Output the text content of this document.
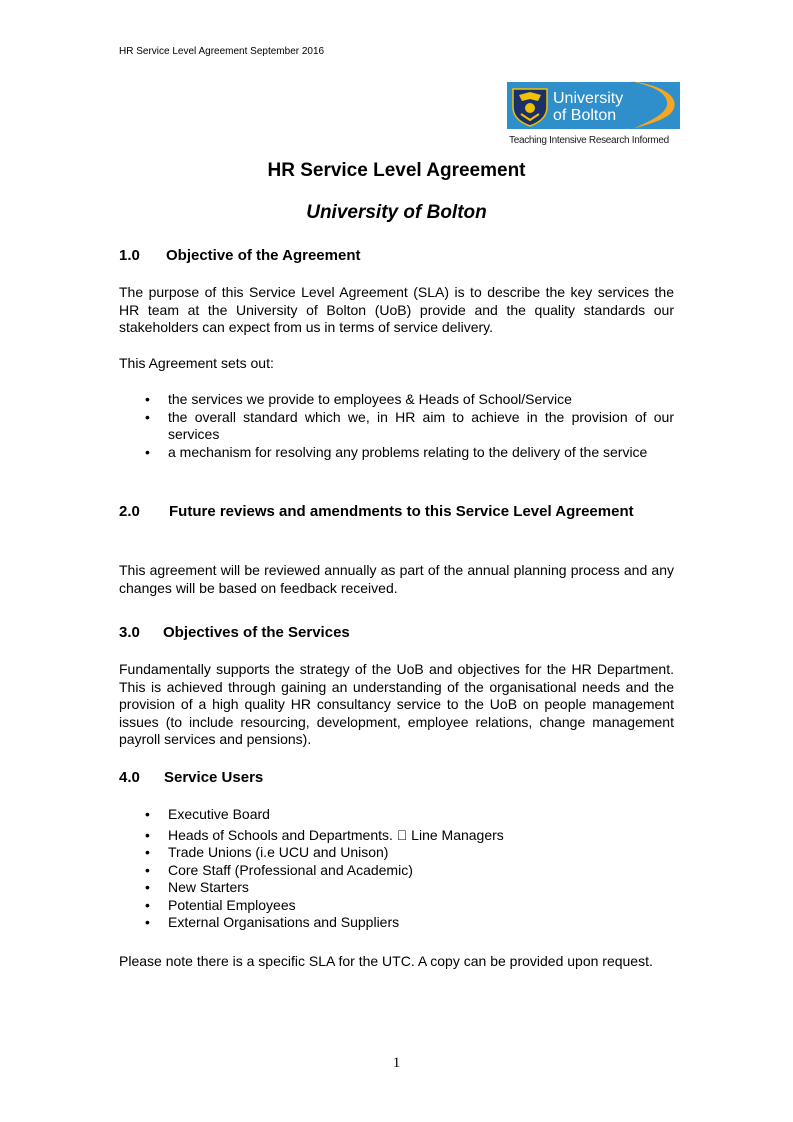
HR Service Level Agreement September 2016
University
of Bolton
Teaching Intensive Research Informed
HR Service Level Agreement
University of Bolton
1.0 Objective of the Agreement
The purpose of this Service Level Agreement (SLA) is to describe the key services the HR team at the University of Bolton (UoB) provide and the quality standards our stakeholders can expect from us in terms of service delivery.
This Agreement sets out:
• the services we provide to employees & Heads of School/Service
• the overall standard which we, in HR aim to achieve in the provision of our services
• a mechanism for resolving any problems relating to the delivery of the service
2.0 Future reviews and amendments to this Service Level Agreement
This agreement will be reviewed annually as part of the annual planning process and any changes will be based on feedback received.
3.0 Objectives of the Services
Fundamentally supports the strategy of the UoB and objectives for the HR Department. This is achieved through gaining an understanding of the organisational needs and the provision of a high quality HR consultancy service to the UoB on people management issues (to include resourcing, development, employee relations, change management payroll services and pensions).
4.0 Service Users
• Executive Board
• Heads of Schools and Departments. Line Managers
• Trade Unions (i.e UCU and Unison)
• Core Staff (Professional and Academic)
• New Starters
• Potential Employees
• External Organisations and Suppliers
Please note there is a specific SLA for the UTC. A copy can be provided upon request.
1
